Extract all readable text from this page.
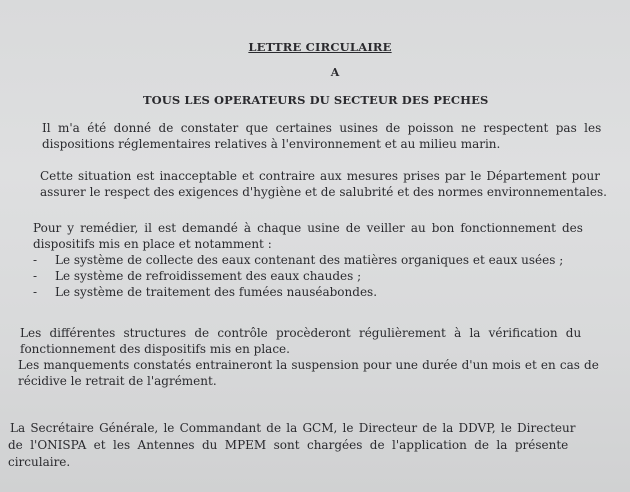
LETTRE CIRCULAIRE
A
TOUS LES OPERATEURS DU SECTEUR DES PECHES
Il m'a été donné de constater que certaines usines de poisson ne respectent pas les
dispositions réglementaires relatives à l'environnement et au milieu marin.
Cette situation est inacceptable et contraire aux mesures prises par le Département pour
assurer le respect des exigences d'hygiène et de salubrité et des normes environnementales.
Pour y remédier, il est demandé à chaque usine de veiller au bon fonctionnement des
dispositifs mis en place et notamment :
- Le système de collecte des eaux contenant des matières organiques et eaux usées ;
- Le système de refroidissement des eaux chaudes ;
- Le système de traitement des fumées nauséabondes.
Les différentes structures de contrôle procèderont régulièrement à la vérification du
fonctionnement des dispositifs mis en place.
Les manquements constatés entraineront la suspension pour une durée d'un mois et en cas de
récidive le retrait de l'agrément.
La Secrétaire Générale, le Commandant de la GCM, le Directeur de la DDVP, le Directeur
de l'ONISPA et les Antennes du MPEM sont chargées de l'application de la présente
circulaire.
